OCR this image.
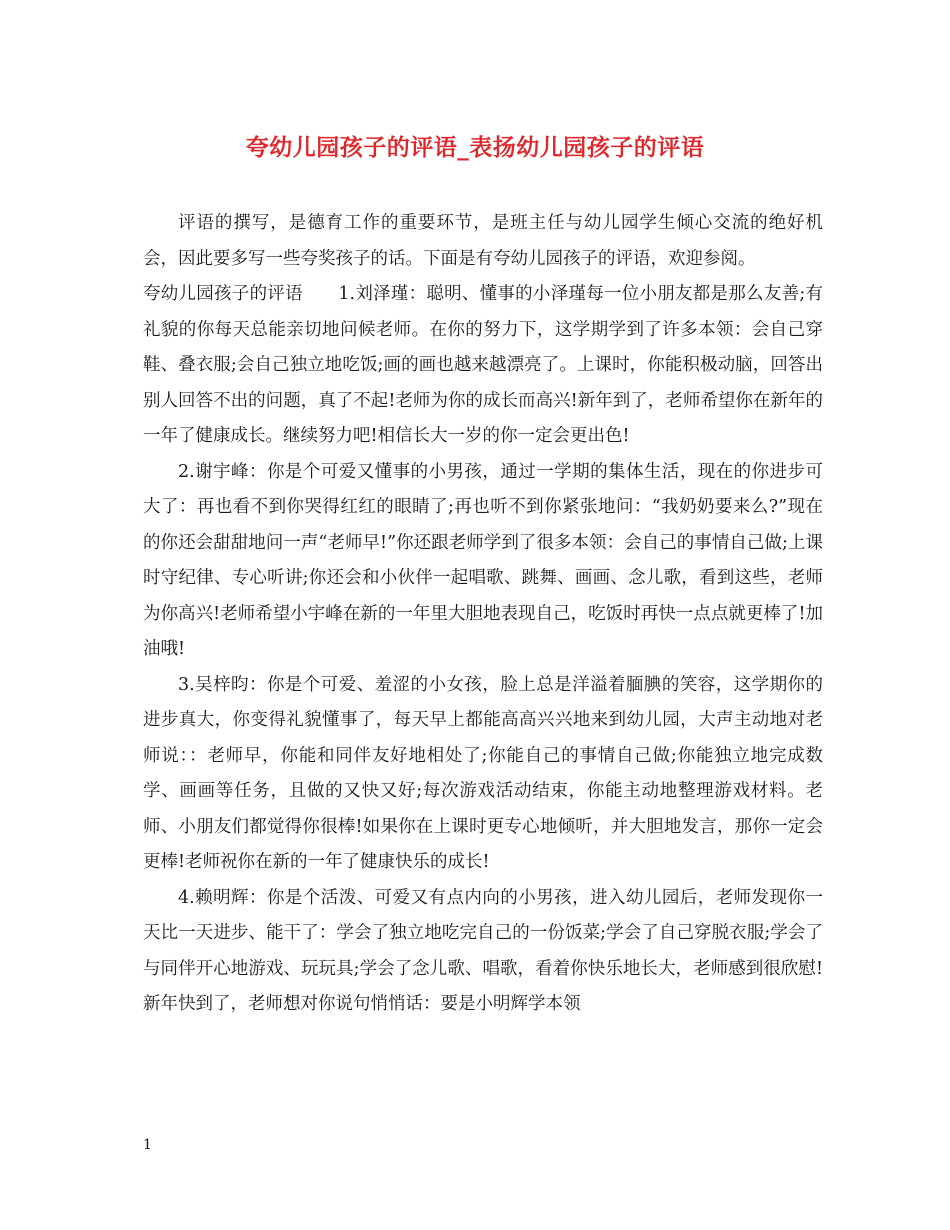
夸幼儿园孩子的评语_表扬幼儿园孩子的评语

评语的撰写，是德育工作的重要环节，是班主任与幼儿园学生倾心交流的绝好机会，因此要多写一些夸奖孩子的话。下面是有夸幼儿园孩子的评语，欢迎参阅。

夸幼儿园孩子的评语　　1.刘泽瑾：聪明、懂事的小泽瑾每一位小朋友都是那么友善;有礼貌的你每天总能亲切地问候老师。在你的努力下，这学期学到了许多本领：会自己穿鞋、叠衣服;会自己独立地吃饭;画的画也越来越漂亮了。上课时，你能积极动脑，回答出别人回答不出的问题，真了不起!老师为你的成长而高兴!新年到了，老师希望你在新年的一年了健康成长。继续努力吧!相信长大一岁的你一定会更出色!

2.谢宇峰：你是个可爱又懂事的小男孩，通过一学期的集体生活，现在的你进步可大了：再也看不到你哭得红红的眼睛了;再也听不到你紧张地问：“我奶奶要来么?”现在的你还会甜甜地问一声“老师早!”你还跟老师学到了很多本领：会自己的事情自己做;上课时守纪律、专心听讲;你还会和小伙伴一起唱歌、跳舞、画画、念儿歌，看到这些，老师为你高兴!老师希望小宇峰在新的一年里大胆地表现自己，吃饭时再快一点点就更棒了!加油哦!

3.吴梓昀：你是个可爱、羞涩的小女孩，脸上总是洋溢着腼腆的笑容，这学期你的进步真大，你变得礼貌懂事了，每天早上都能高高兴兴地来到幼儿园，大声主动地对老师说：：老师早，你能和同伴友好地相处了;你能自己的事情自己做;你能独立地完成数学、画画等任务，且做的又快又好;每次游戏活动结束，你能主动地整理游戏材料。老师、小朋友们都觉得你很棒!如果你在上课时更专心地倾听，并大胆地发言，那你一定会更棒!老师祝你在新的一年了健康快乐的成长!

4.赖明辉：你是个活泼、可爱又有点内向的小男孩，进入幼儿园后，老师发现你一天比一天进步、能干了：学会了独立地吃完自己的一份饭菜;学会了自己穿脱衣服;学会了与同伴开心地游戏、玩玩具;学会了念儿歌、唱歌，看着你快乐地长大，老师感到很欣慰!新年快到了，老师想对你说句悄悄话：要是小明辉学本领

1
